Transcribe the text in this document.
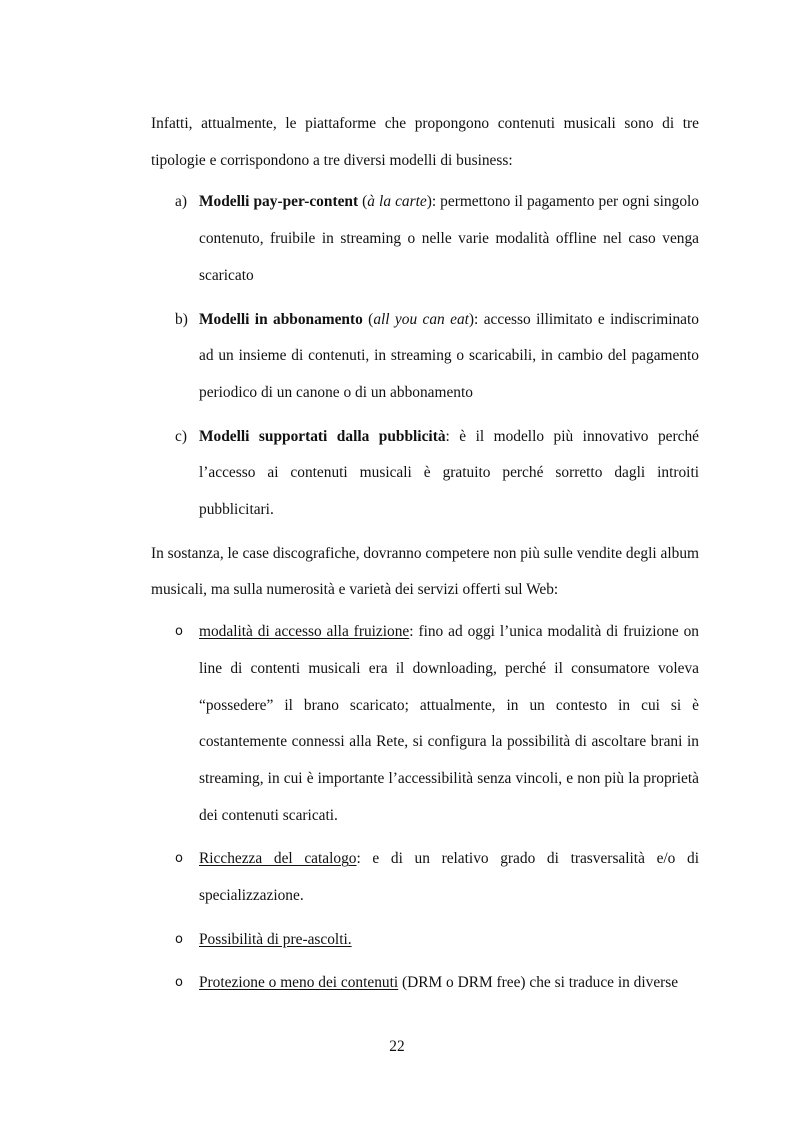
Infatti, attualmente, le piattaforme che propongono contenuti musicali sono di tre tipologie e corrispondono a tre diversi modelli di business:

a) Modelli pay-per-content (à la carte): permettono il pagamento per ogni singolo contenuto, fruibile in streaming o nelle varie modalità offline nel caso venga scaricato
b) Modelli in abbonamento (all you can eat): accesso illimitato e indiscriminato ad un insieme di contenuti, in streaming o scaricabili, in cambio del pagamento periodico di un canone o di un abbonamento
c) Modelli supportati dalla pubblicità: è il modello più innovativo perché l’accesso ai contenuti musicali è gratuito perché sorretto dagli introiti pubblicitari.

In sostanza, le case discografiche, dovranno competere non più sulle vendite degli album musicali, ma sulla numerosità e varietà dei servizi offerti sul Web:

o modalità di accesso alla fruizione: fino ad oggi l’unica modalità di fruizione on line di contenti musicali era il downloading, perché il consumatore voleva “possedere” il brano scaricato; attualmente, in un contesto in cui si è costantemente connessi alla Rete, si configura la possibilità di ascoltare brani in streaming, in cui è importante l’accessibilità senza vincoli, e non più la proprietà dei contenuti scaricati.
o Ricchezza del catalogo: e di un relativo grado di trasversalità e/o di specializzazione.
o Possibilità di pre-ascolti.
o Protezione o meno dei contenuti (DRM o DRM free) che si traduce in diverse
22
